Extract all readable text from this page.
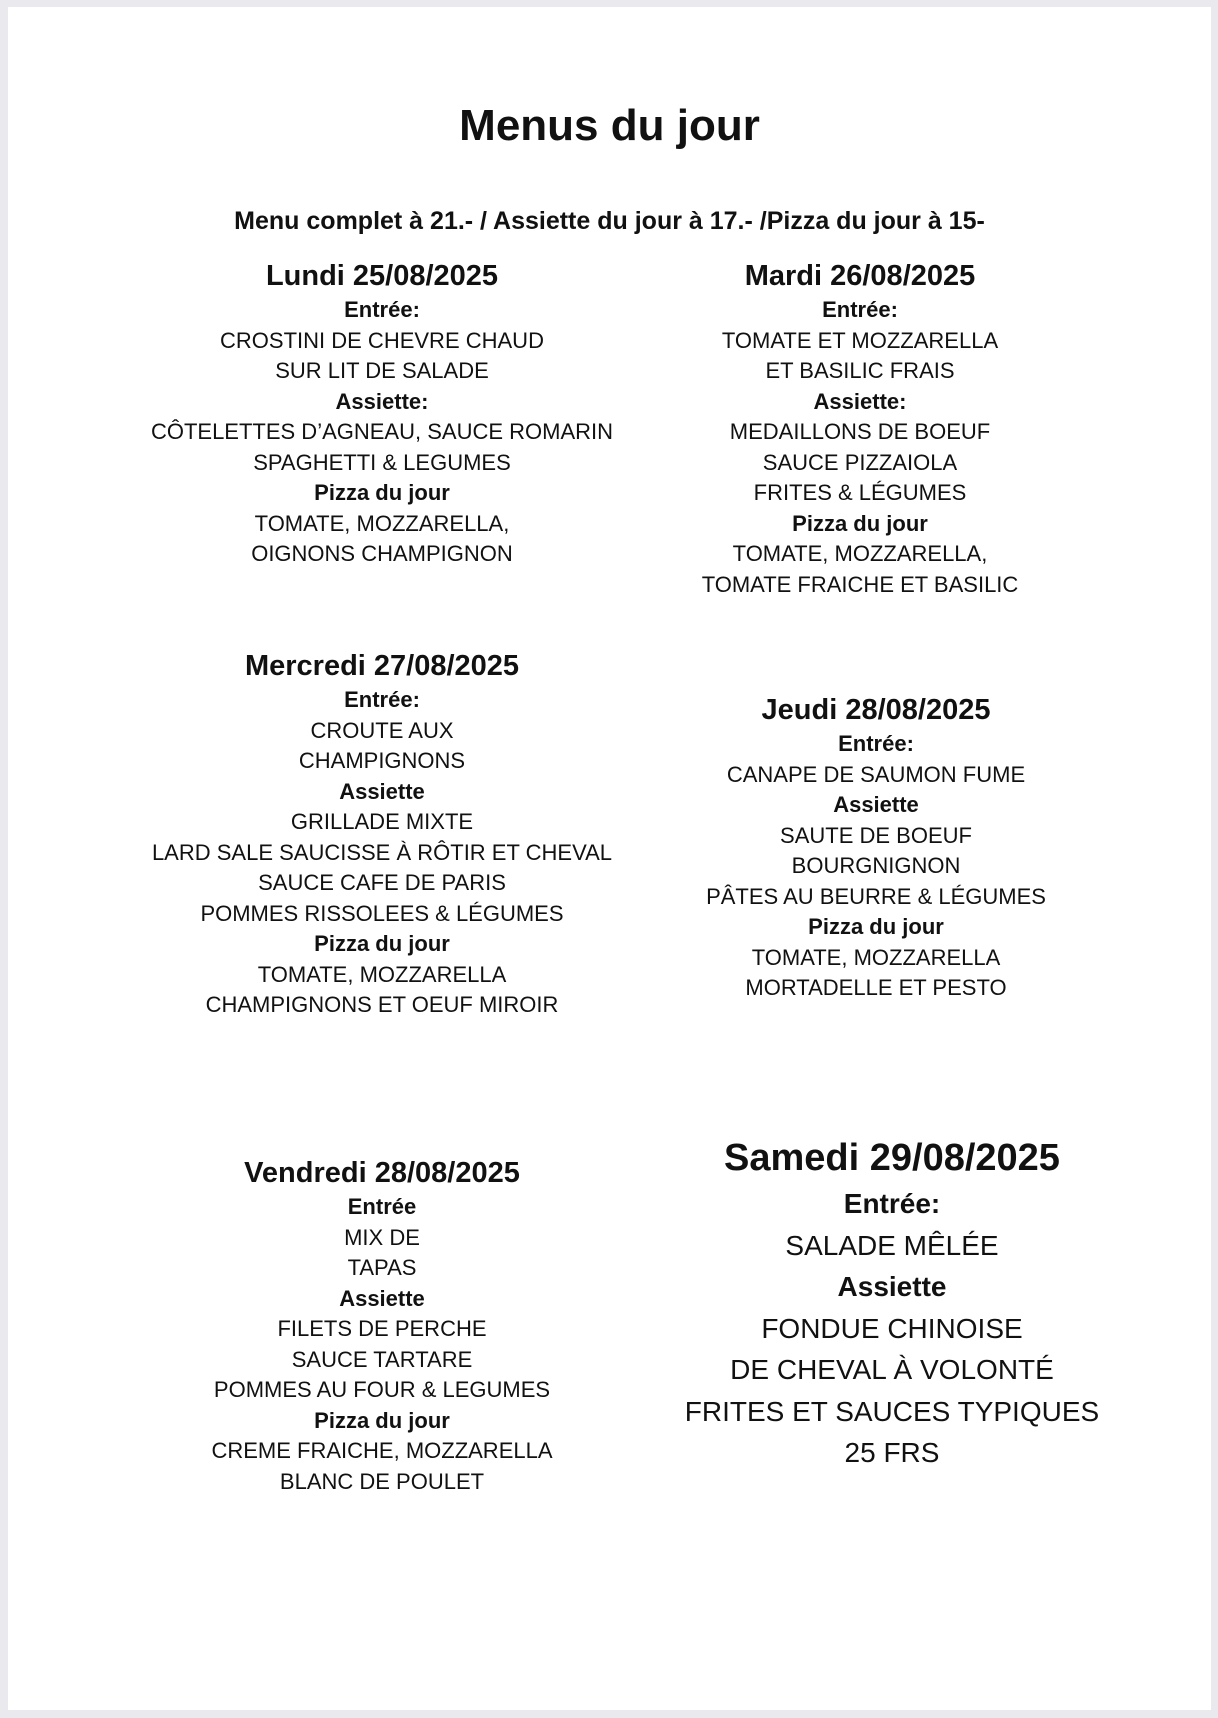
Menus du jour
Menu complet à 21.- / Assiette du jour à 17.- /Pizza du jour à 15-
Lundi 25/08/2025
Entrée:
CROSTINI DE CHEVRE CHAUD
SUR LIT DE SALADE
Assiette:
CÔTELETTES D’AGNEAU, SAUCE ROMARIN
SPAGHETTI & LEGUMES
Pizza du jour
TOMATE, MOZZARELLA,
OIGNONS CHAMPIGNON
Mardi 26/08/2025
Entrée:
TOMATE ET MOZZARELLA
ET BASILIC FRAIS
Assiette:
MEDAILLONS DE BOEUF
SAUCE PIZZAIOLA
FRITES & LÉGUMES
Pizza du jour
TOMATE, MOZZARELLA,
TOMATE FRAICHE ET BASILIC
Mercredi 27/08/2025
Entrée:
CROUTE AUX
CHAMPIGNONS
Assiette
GRILLADE MIXTE
LARD SALE SAUCISSE À RÔTIR ET CHEVAL
SAUCE CAFE DE PARIS
POMMES RISSOLEES & LÉGUMES
Pizza du jour
TOMATE, MOZZARELLA
CHAMPIGNONS ET OEUF MIROIR
Jeudi 28/08/2025
Entrée:
CANAPE DE SAUMON FUME
Assiette
SAUTE DE BOEUF
BOURGNIGNON
PÂTES AU BEURRE & LÉGUMES
Pizza du jour
TOMATE, MOZZARELLA
MORTADELLE ET PESTO
Vendredi 28/08/2025
Entrée
MIX DE
TAPAS
Assiette
FILETS DE PERCHE
SAUCE TARTARE
POMMES AU FOUR & LEGUMES
Pizza du jour
CREME FRAICHE, MOZZARELLA
BLANC DE POULET
Samedi 29/08/2025
Entrée:
SALADE MÊLÉE
Assiette
FONDUE CHINOISE
DE CHEVAL À VOLONTÉ
FRITES ET SAUCES TYPIQUES
25 FRS
